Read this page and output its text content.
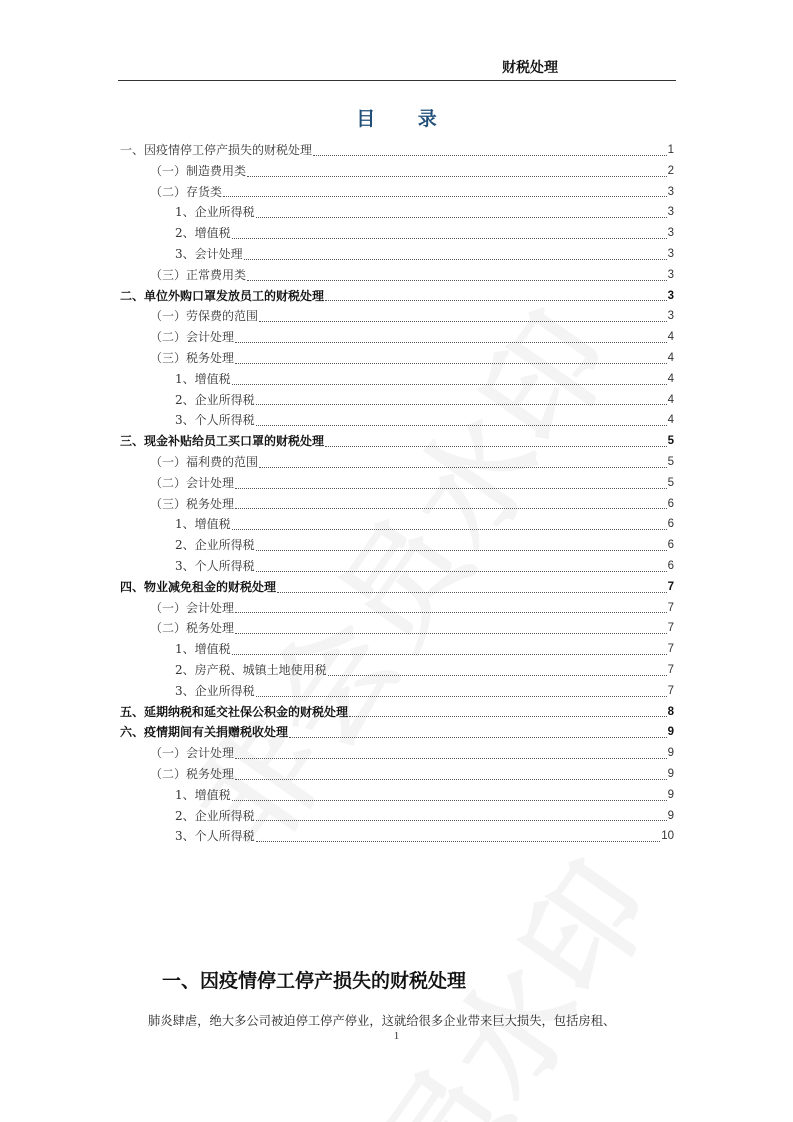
财税处理
目 录
一、因疫情停工停产损失的财税处理	1
（一）制造费用类	2
（二）存货类	3
1、企业所得税	3
2、增值税	3
3、会计处理	3
（三）正常费用类	3
二、单位外购口罩发放员工的财税处理	3
（一）劳保费的范围	3
（二）会计处理	4
（三）税务处理	4
1、增值税	4
2、企业所得税	4
3、个人所得税	4
三、现金补贴给员工买口罩的财税处理	5
（一）福利费的范围	5
（二）会计处理	5
（三）税务处理	6
1、增值税	6
2、企业所得税	6
3、个人所得税	6
四、物业减免租金的财税处理	7
（一）会计处理	7
（二）税务处理	7
1、增值税	7
2、房产税、城镇土地使用税	7
3、企业所得税	7
五、延期纳税和延交社保公积金的财税处理	8
六、疫情期间有关捐赠税收处理	9
（一）会计处理	9
（二）税务处理	9
1、增值税	9
2、企业所得税	9
3、个人所得税	10
一、因疫情停工停产损失的财税处理
肺炎肆虐，绝大多公司被迫停工停产停业，这就给很多企业带来巨大损失，包括房租、
1
